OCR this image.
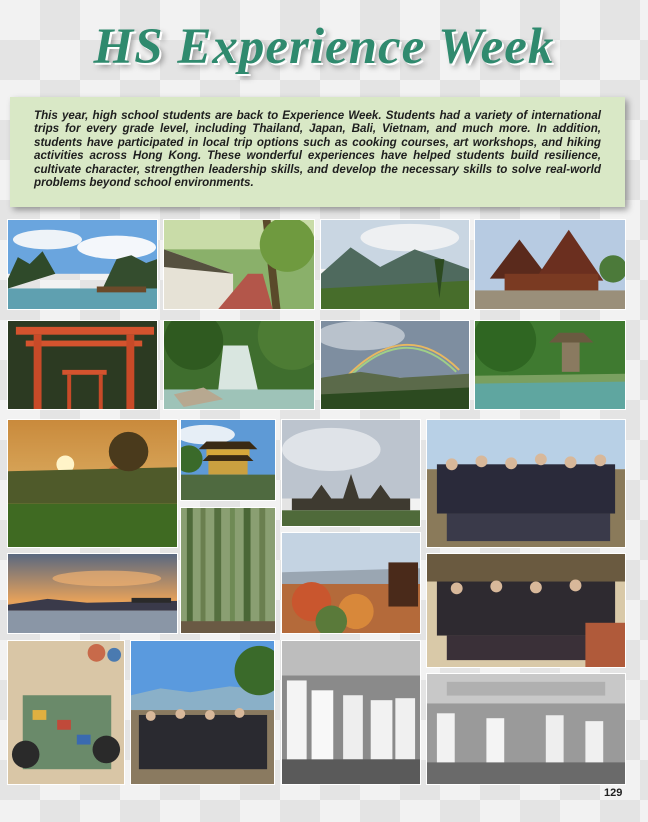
HS Experience Week
This year, high school students are back to Experience Week. Students had a variety of international trips for every grade level, including Thailand, Japan, Bali, Vietnam, and much more. In addition, students have participated in local trip options such as cooking courses, art workshops, and hiking activities across Hong Kong. These wonderful experiences have helped students build resilience, cultivate character, strengthen leadership skills, and develop the necessary skills to solve real-world problems beyond school environments.
129
